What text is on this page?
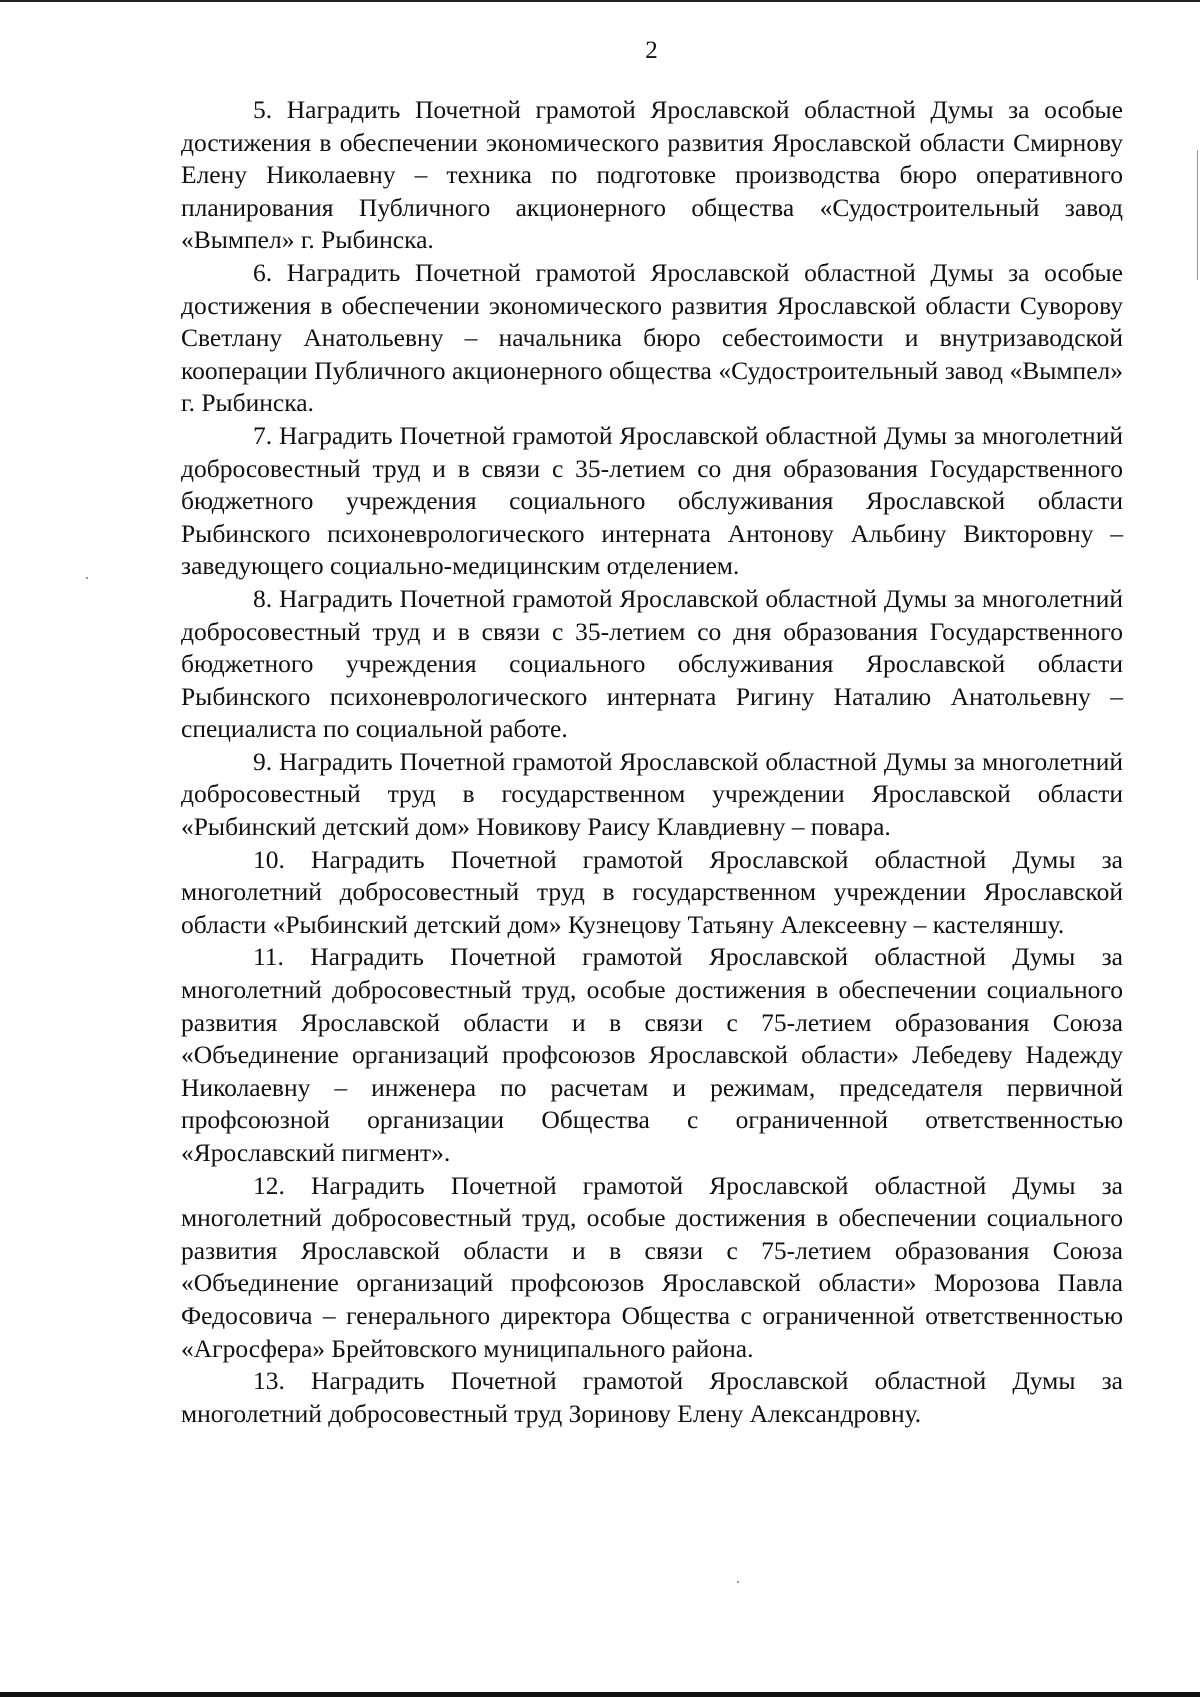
2

5. Наградить Почетной грамотой Ярославской областной Думы за особые достижения в обеспечении экономического развития Ярославской области Смирнову Елену Николаевну – техника по подготовке производства бюро оперативного планирования Публичного акционерного общества «Судостроительный завод «Вымпел» г. Рыбинска.

6. Наградить Почетной грамотой Ярославской областной Думы за особые достижения в обеспечении экономического развития Ярославской области Суворову Светлану Анатольевну – начальника бюро себестоимости и внутризаводской кооперации Публичного акционерного общества «Судостроительный завод «Вымпел» г. Рыбинска.

7. Наградить Почетной грамотой Ярославской областной Думы за многолетний добросовестный труд и в связи с 35-летием со дня образования Государственного бюджетного учреждения социального обслуживания Ярославской области Рыбинского психоневрологического интерната Антонову Альбину Викторовну – заведующего социально-медицинским отделением.

8. Наградить Почетной грамотой Ярославской областной Думы за многолетний добросовестный труд и в связи с 35-летием со дня образования Государственного бюджетного учреждения социального обслуживания Ярославской области Рыбинского психоневрологического интерната Ригину Наталию Анатольевну – специалиста по социальной работе.

9. Наградить Почетной грамотой Ярославской областной Думы за многолетний добросовестный труд в государственном учреждении Ярославской области «Рыбинский детский дом» Новикову Раису Клавдиевну – повара.

10. Наградить Почетной грамотой Ярославской областной Думы за многолетний добросовестный труд в государственном учреждении Ярославской области «Рыбинский детский дом» Кузнецову Татьяну Алексеевну – кастеляншу.

11. Наградить Почетной грамотой Ярославской областной Думы за многолетний добросовестный труд, особые достижения в обеспечении социального развития Ярославской области и в связи с 75-летием образования Союза «Объединение организаций профсоюзов Ярославской области» Лебедеву Надежду Николаевну – инженера по расчетам и режимам, председателя первичной профсоюзной организации Общества с ограниченной ответственностью «Ярославский пигмент».

12. Наградить Почетной грамотой Ярославской областной Думы за многолетний добросовестный труд, особые достижения в обеспечении социального развития Ярославской области и в связи с 75-летием образования Союза «Объединение организаций профсоюзов Ярославской области» Морозова Павла Федосовича – генерального директора Общества с ограниченной ответственностью «Агросфера» Брейтовского муниципального района.

13. Наградить Почетной грамотой Ярославской областной Думы за многолетний добросовестный труд Зоринову Елену Александровну.
